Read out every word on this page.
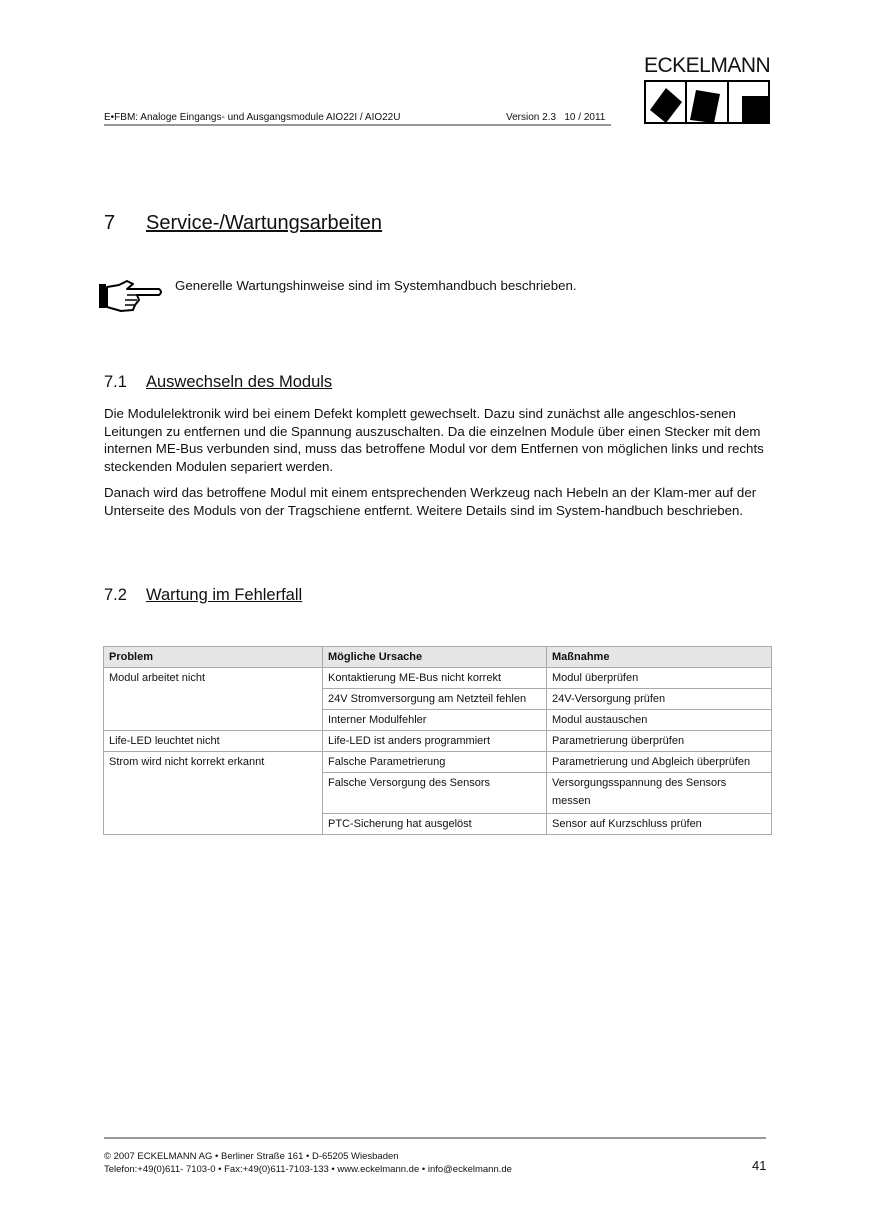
E•FBM: Analoge Eingangs- und Ausgangsmodule AIO22I / AIO22U	Version 2.3   10 / 2011
ECKELMANN
7 Service-/Wartungsarbeiten
Generelle Wartungshinweise sind im Systemhandbuch beschrieben.
7.1 Auswechseln des Moduls

Die Modulelektronik wird bei einem Defekt komplett gewechselt. Dazu sind zunächst alle angeschlos-senen Leitungen zu entfernen und die Spannung auszuschalten. Da die einzelnen Module über einen Stecker mit dem internen ME-Bus verbunden sind, muss das betroffene Modul vor dem Entfernen von möglichen links und rechts steckenden Modulen separiert werden.

Danach wird das betroffene Modul mit einem entsprechenden Werkzeug nach Hebeln an der Klam-mer auf der Unterseite des Moduls von der Tragschiene entfernt. Weitere Details sind im System-handbuch beschrieben.

7.2 Wartung im Fehlerfall
Problem	Mögliche Ursache	Maßnahme
Modul arbeitet nicht	Kontaktierung ME-Bus nicht korrekt	Modul überprüfen
	24V Stromversorgung am Netzteil fehlen	24V-Versorgung prüfen
	Interner Modulfehler	Modul austauschen
Life-LED leuchtet nicht	Life-LED ist anders programmiert	Parametrierung überprüfen
Strom wird nicht korrekt erkannt	Falsche Parametrierung	Parametrierung und Abgleich überprüfen
	Falsche Versorgung des Sensors	Versorgungsspannung des Sensors messen
	PTC-Sicherung hat ausgelöst	Sensor auf Kurzschluss prüfen
© 2007 ECKELMANN AG • Berliner Straße 161 • D-65205 Wiesbaden
Telefon:+49(0)611- 7103-0 • Fax:+49(0)611-7103-133 • www.eckelmann.de • info@eckelmann.de	41
